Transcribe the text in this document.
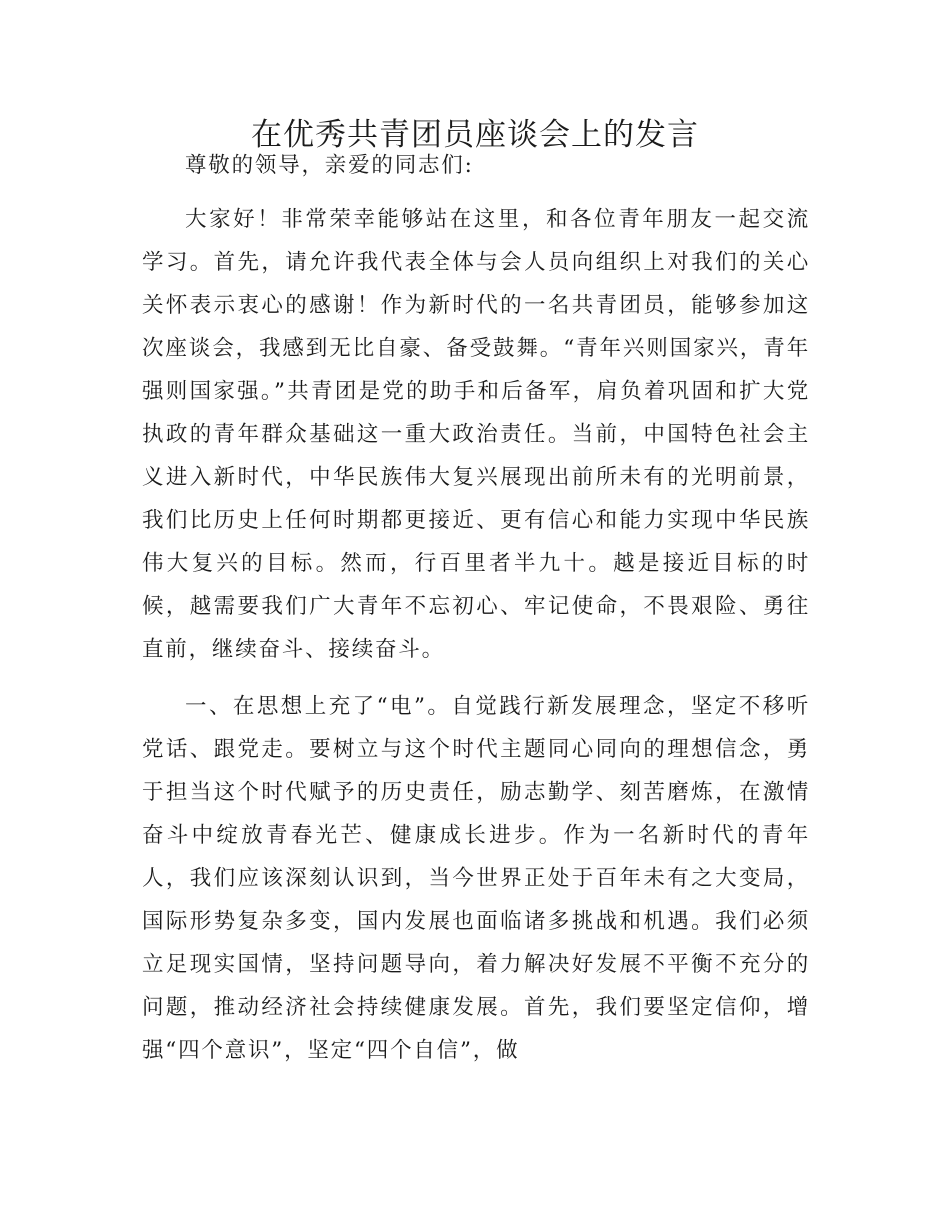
在优秀共青团员座谈会上的发言

尊敬的领导，亲爱的同志们:

大家好！非常荣幸能够站在这里，和各位青年朋友一起交流学习。首先，请允许我代表全体与会人员向组织上对我们的关心关怀表示衷心的感谢！作为新时代的一名共青团员，能够参加这次座谈会，我感到无比自豪、备受鼓舞。“青年兴则国家兴，青年强则国家强。”共青团是党的助手和后备军，肩负着巩固和扩大党执政的青年群众基础这一重大政治责任。当前，中国特色社会主义进入新时代，中华民族伟大复兴展现出前所未有的光明前景，我们比历史上任何时期都更接近、更有信心和能力实现中华民族伟大复兴的目标。然而，行百里者半九十。越是接近目标的时候，越需要我们广大青年不忘初心、牢记使命，不畏艰险、勇往直前，继续奋斗、接续奋斗。

一、在思想上充了“电”。自觉践行新发展理念，坚定不移听党话、跟党走。要树立与这个时代主题同心同向的理想信念，勇于担当这个时代赋予的历史责任，励志勤学、刻苦磨炼，在激情奋斗中绽放青春光芒、健康成长进步。作为一名新时代的青年人，我们应该深刻认识到，当今世界正处于百年未有之大变局，国际形势复杂多变，国内发展也面临诸多挑战和机遇。我们必须立足现实国情，坚持问题导向，着力解决好发展不平衡不充分的问题，推动经济社会持续健康发展。首先，我们要坚定信仰，增强“四个意识”，坚定“四个自信”，做
